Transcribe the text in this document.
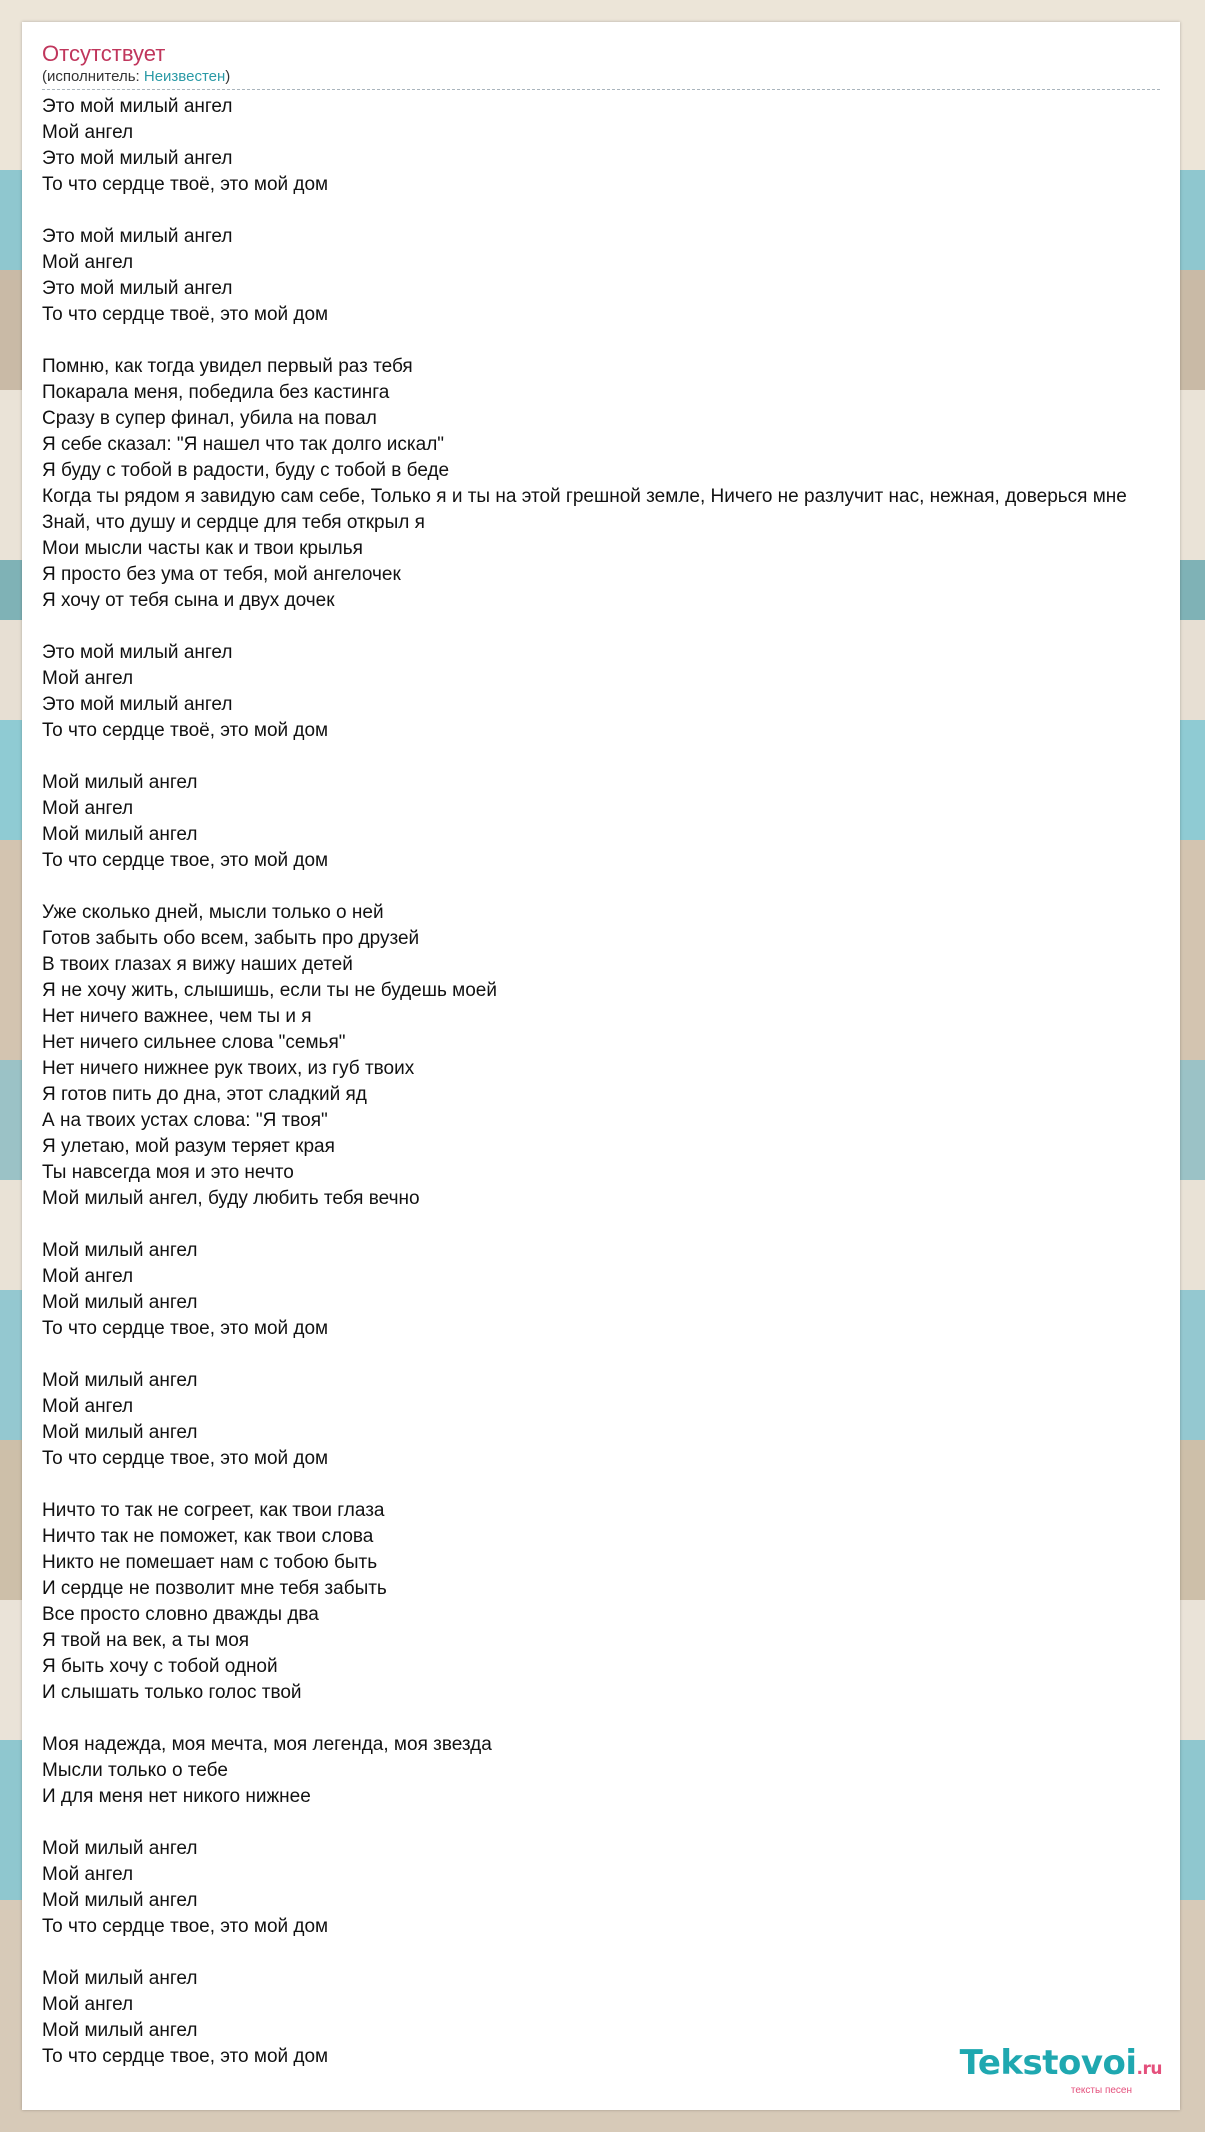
Отсутствует
(исполнитель: Неизвестен)
Это мой милый ангел
Мой ангел
Это мой милый ангел
То что сердце твоё, это мой дом
Это мой милый ангел
Мой ангел
Это мой милый ангел
То что сердце твоё, это мой дом
Помню, как тогда увидел первый раз тебя
Покарала меня, победила без кастинга
Сразу в супер финал, убила на повал
Я себе сказал: "Я нашел что так долго искал"
Я буду с тобой в радости, буду с тобой в беде
Когда ты рядом я завидую сам себе, Только я и ты на этой грешной земле, Ничего не разлучит нас, нежная, доверься мне
Знай, что душу и сердце для тебя открыл я
Мои мысли часты как и твои крылья
Я просто без ума от тебя, мой ангелочек
Я хочу от тебя сына и двух дочек
Это мой милый ангел
Мой ангел
Это мой милый ангел
То что сердце твоё, это мой дом
Мой милый ангел
Мой ангел
Мой милый ангел
То что сердце твое, это мой дом
Уже сколько дней, мысли только о ней
Готов забыть обо всем, забыть про друзей
В твоих глазах я вижу наших детей
Я не хочу жить, слышишь, если ты не будешь моей
Нет ничего важнее, чем ты и я
Нет ничего сильнее слова "семья"
Нет ничего нижнее рук твоих, из губ твоих
Я готов пить до дна, этот сладкий яд
А на твоих устах слова: "Я твоя"
Я улетаю, мой разум теряет края
Ты навсегда моя и это нечто
Мой милый ангел, буду любить тебя вечно
Мой милый ангел
Мой ангел
Мой милый ангел
То что сердце твое, это мой дом
Мой милый ангел
Мой ангел
Мой милый ангел
То что сердце твое, это мой дом
Ничто то так не согреет, как твои глаза
Ничто так не поможет, как твои слова
Никто не помешает нам с тобою быть
И сердце не позволит мне тебя забыть
Все просто словно дважды два
Я твой на век, а ты моя
Я быть хочу с тобой одной
И слышать только голос твой
Моя надежда, моя мечта, моя легенда, моя звезда
Мысли только о тебе
И для меня нет никого нижнее
Мой милый ангел
Мой ангел
Мой милый ангел
То что сердце твое, это мой дом
Мой милый ангел
Мой ангел
Мой милый ангел
То что сердце твое, это мой дом	Tekstovoi.ru
тексты песен
